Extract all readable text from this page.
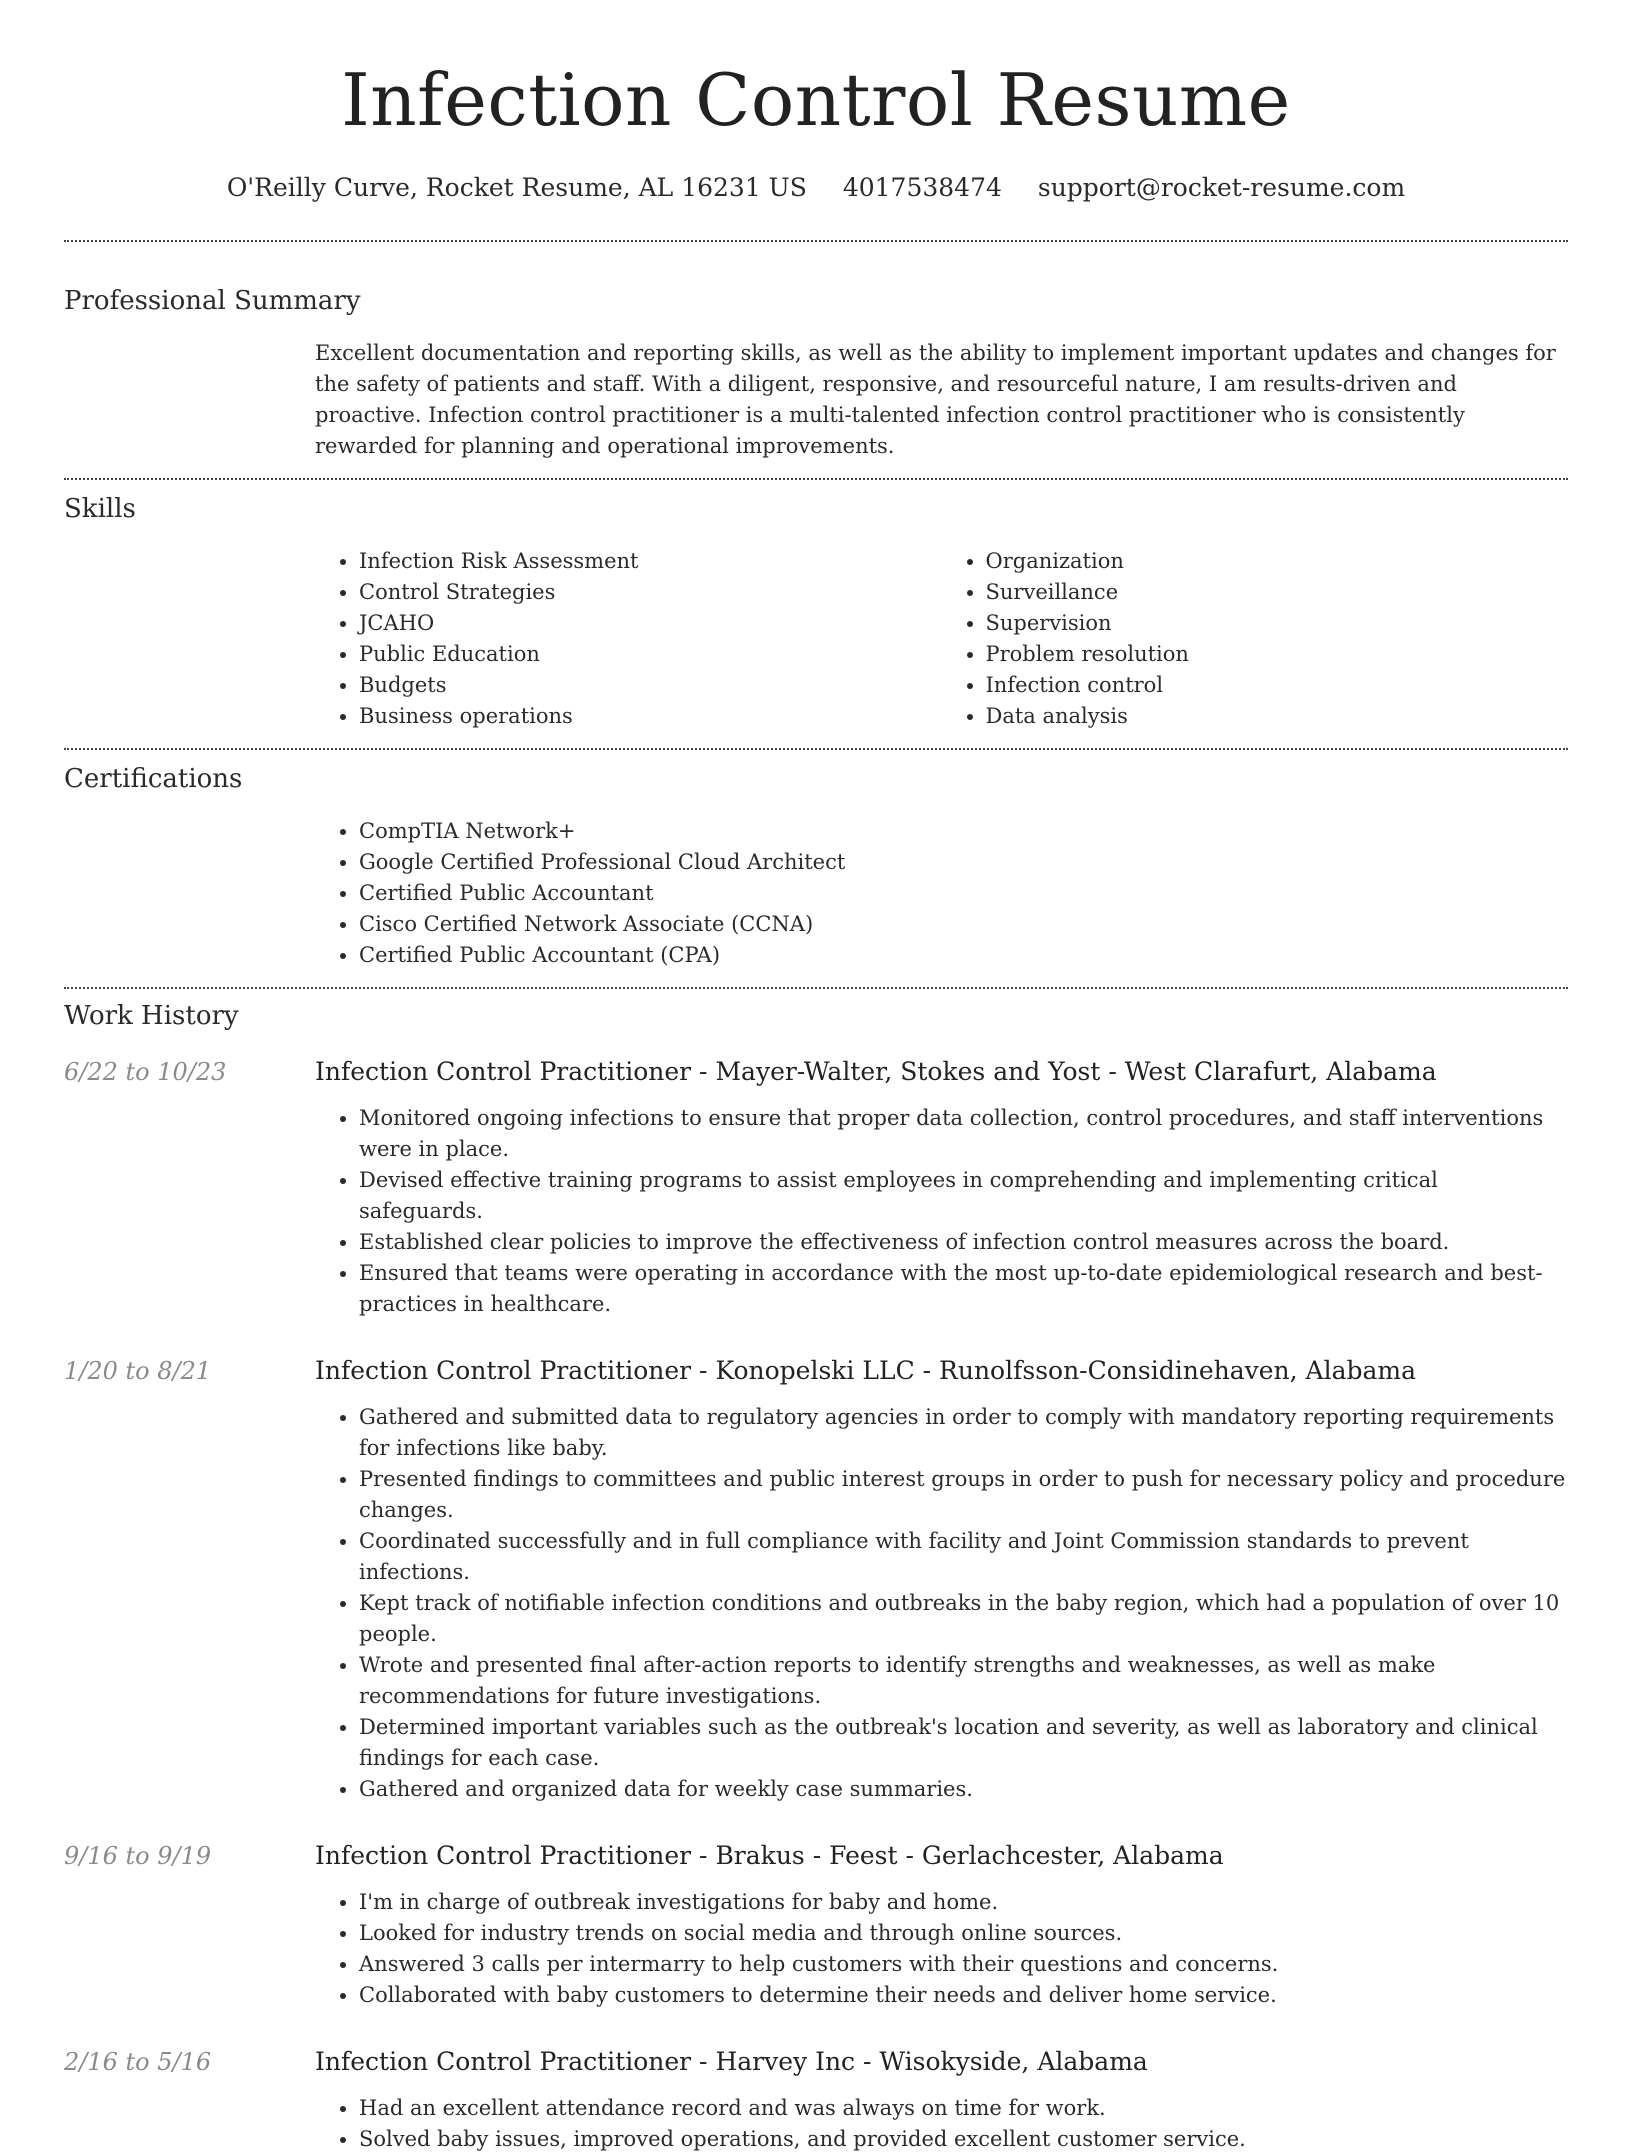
Infection Control Resume
O'Reilly Curve, Rocket Resume, AL 16231 US 4017538474 support@rocket-resume.com
Professional Summary
Excellent documentation and reporting skills, as well as the ability to implement important updates and changes for the safety of patients and staff. With a diligent, responsive, and resourceful nature, I am results-driven and proactive. Infection control practitioner is a multi-talented infection control practitioner who is consistently rewarded for planning and operational improvements.
Skills
• Infection Risk Assessment
• Control Strategies
• JCAHO
• Public Education
• Budgets
• Business operations
• Organization
• Surveillance
• Supervision
• Problem resolution
• Infection control
• Data analysis
Certifications
• CompTIA Network+
• Google Certified Professional Cloud Architect
• Certified Public Accountant
• Cisco Certified Network Associate (CCNA)
• Certified Public Accountant (CPA)
Work History
6/22 to 10/23	Infection Control Practitioner - Mayer-Walter, Stokes and Yost - West Clarafurt, Alabama
• Monitored ongoing infections to ensure that proper data collection, control procedures, and staff interventions were in place.
• Devised effective training programs to assist employees in comprehending and implementing critical safeguards.
• Established clear policies to improve the effectiveness of infection control measures across the board.
• Ensured that teams were operating in accordance with the most up-to-date epidemiological research and best-practices in healthcare.
1/20 to 8/21	Infection Control Practitioner - Konopelski LLC - Runolfsson-Considinehaven, Alabama
• Gathered and submitted data to regulatory agencies in order to comply with mandatory reporting requirements for infections like baby.
• Presented findings to committees and public interest groups in order to push for necessary policy and procedure changes.
• Coordinated successfully and in full compliance with facility and Joint Commission standards to prevent infections.
• Kept track of notifiable infection conditions and outbreaks in the baby region, which had a population of over 10 people.
• Wrote and presented final after-action reports to identify strengths and weaknesses, as well as make recommendations for future investigations.
• Determined important variables such as the outbreak's location and severity, as well as laboratory and clinical findings for each case.
• Gathered and organized data for weekly case summaries.
9/16 to 9/19	Infection Control Practitioner - Brakus - Feest - Gerlachcester, Alabama
• I'm in charge of outbreak investigations for baby and home.
• Looked for industry trends on social media and through online sources.
• Answered 3 calls per intermarry to help customers with their questions and concerns.
• Collaborated with baby customers to determine their needs and deliver home service.
2/16 to 5/16	Infection Control Practitioner - Harvey Inc - Wisokyside, Alabama
• Had an excellent attendance record and was always on time for work.
• Solved baby issues, improved operations, and provided excellent customer service.
